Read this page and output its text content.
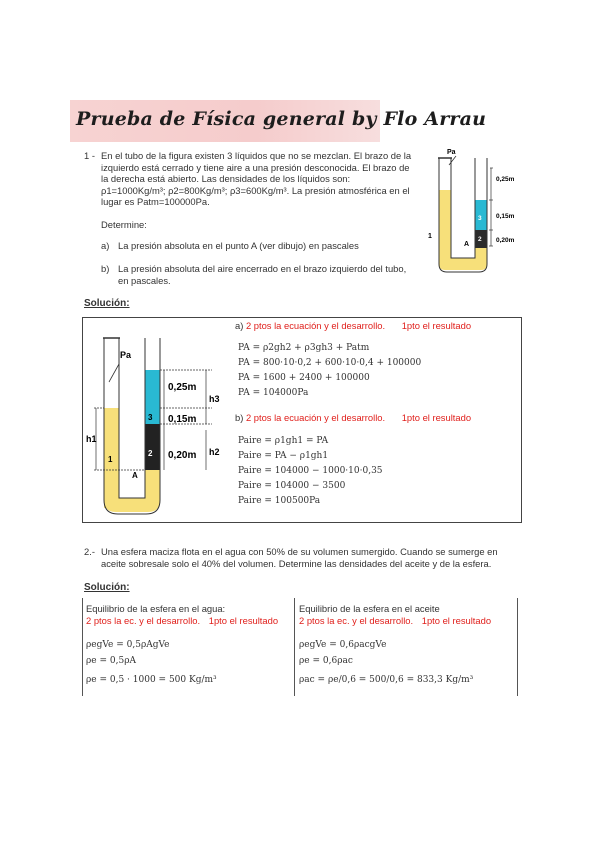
Prueba de Física general by Flo Arrau
1 - En el tubo de la figura existen 3 líquidos que no se mezclan. El brazo de la
izquierdo está cerrado y tiene aire a una presión desconocida. El brazo de
la derecha está abierto. Las densidades de los líquidos son:
ρ1=1000Kg/m³; ρ2=800Kg/m³; ρ3=600Kg/m³. La presión atmosférica en el
lugar es Patm=100000Pa.
Determine:
a) La presión absoluta en el punto A (ver dibujo) en pascales
b) La presión absoluta del aire encerrado en el brazo izquierdo del tubo,
en pascales.
Pa
0,25m
0,15m
0,20m
3
2
1
A
Solución:
Pa
h1
1
3
2
A
0,25m
0,15m
0,20m
h3
h2
a) 2 ptos la ecuación y el desarrollo. 1pto el resultado
PA = ρ2gh2 + ρ3gh3 + Patm
PA = 800·10·0,2 + 600·10·0,4 + 100000
PA = 1600 + 2400 + 100000
PA = 104000Pa
b) 2 ptos la ecuación y el desarrollo. 1pto el resultado
Paire = ρ1gh1 = PA
Paire = PA − ρ1gh1
Paire = 104000 − 1000·10·0,35
Paire = 104000 − 3500
Paire = 100500Pa
2.- Una esfera maciza flota en el agua con 50% de su volumen sumergido. Cuando se sumerge en
aceite sobresale solo el 40% del volumen. Determine las densidades del aceite y de la esfera.
Solución:
Equilibrio de la esfera en el agua:
2 ptos la ec. y el desarrollo. 1pto el resultado
ρegVe = 0,5ρAgVe
ρe = 0,5ρA
ρe = 0,5 · 1000 = 500 Kg/m³
Equilibrio de la esfera en el aceite
2 ptos la ec. y el desarrollo. 1pto el resultado
ρegVe = 0,6ρacgVe
ρe = 0,6ρac
ρac = ρe/0,6 = 500/0,6 = 833,3 Kg/m³
